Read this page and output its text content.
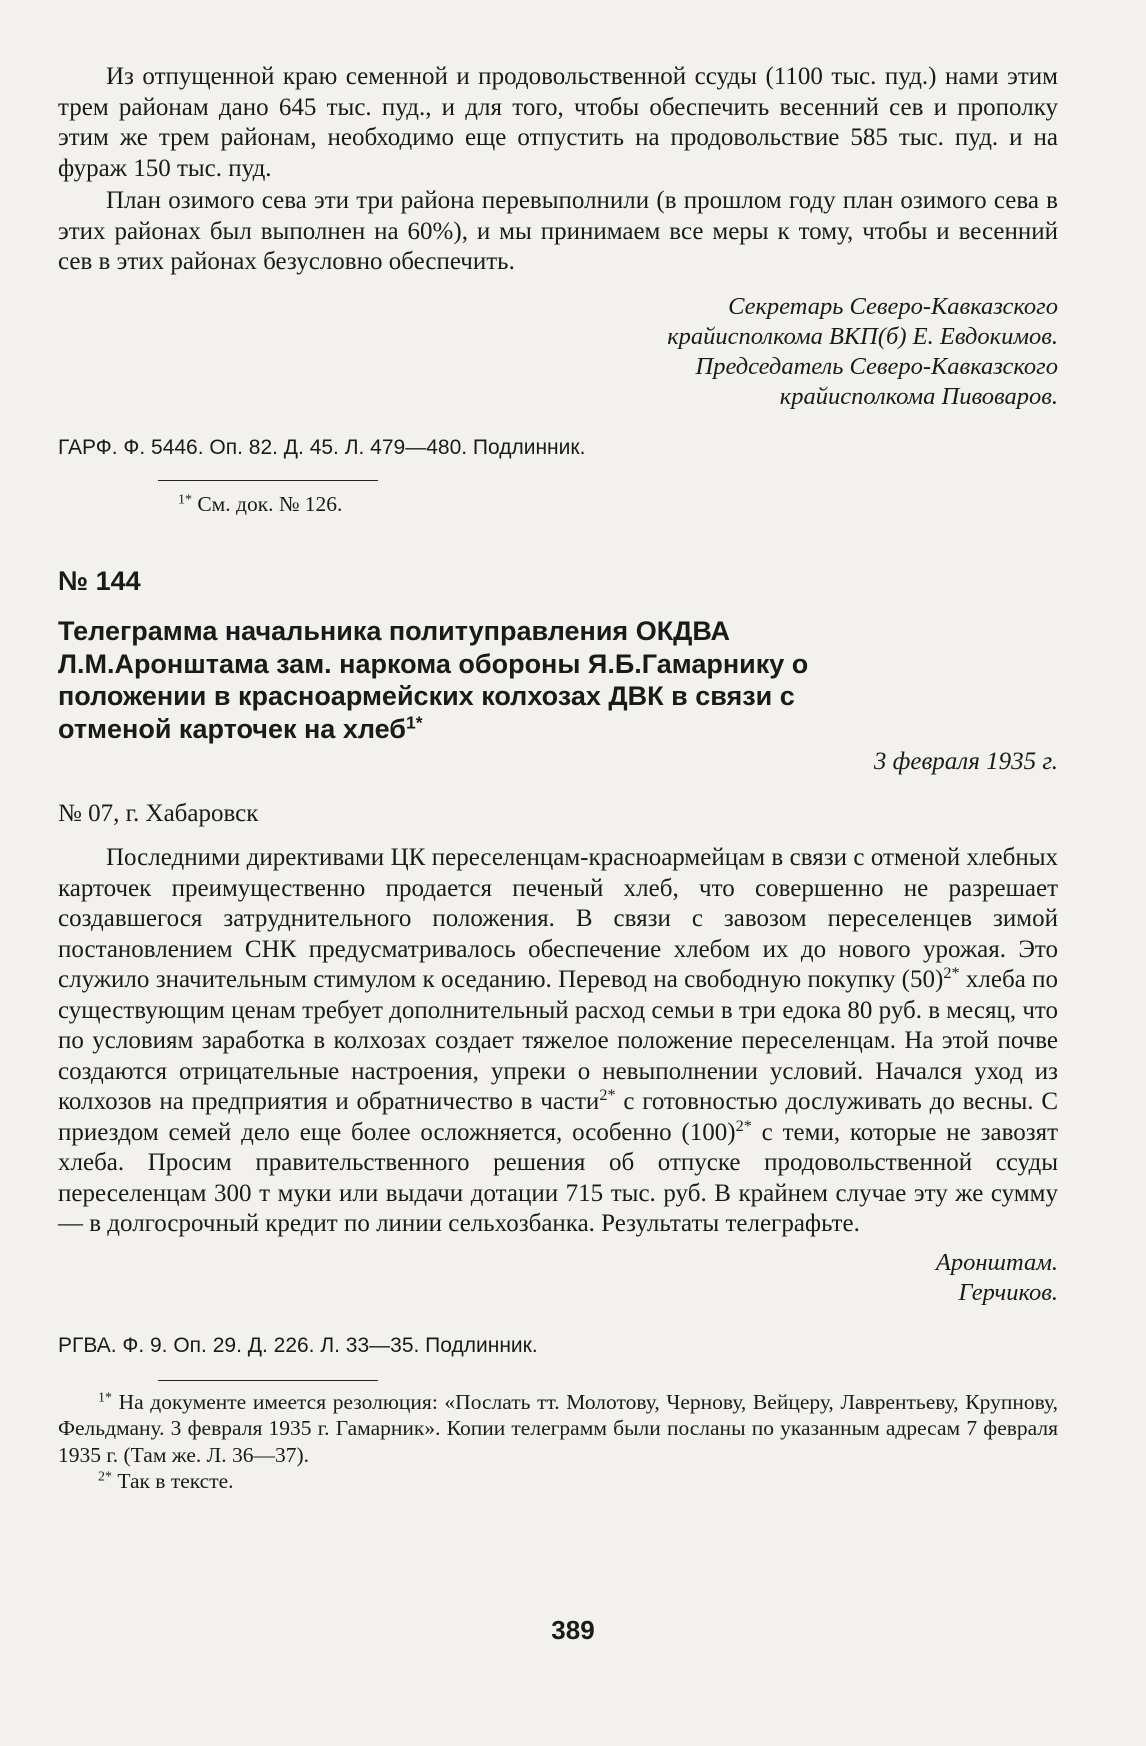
Из отпущенной краю семенной и продовольственной ссуды (1100 тыс. пуд.) нами этим трем районам дано 645 тыс. пуд., и для того, чтобы обеспечить весенний сев и прополку этим же трем районам, необходимо еще отпустить на продовольствие 585 тыс. пуд. и на фураж 150 тыс. пуд.

План озимого сева эти три района перевыполнили (в прошлом году план озимого сева в этих районах был выполнен на 60%), и мы принимаем все меры к тому, чтобы и весенний сев в этих районах безусловно обеспечить.

Секретарь Северо-Кавказского

крайисполкома ВКП(б) Е. Евдокимов.

Председатель Северо-Кавказского

крайисполкома Пивоваров.

ГАРФ. Ф. 5446. Оп. 82. Д. 45. Л. 479—480. Подлинник.

$^{1*}$ См. док. № 126.

№ 144

Телеграмма начальника политуправления ОКДВА Л.М.Аронштама зам. наркома обороны Я.Б.Гамарнику о положении в красноармейских колхозах ДВК в связи с отменой карточек на хлеб$^{1*}$

3 февраля 1935 г.

№ 07, г. Хабаровск

Последними директивами ЦК переселенцам-красноармейцам в связи с отменой хлебных карточек преимущественно продается печеный хлеб, что совершенно не разрешает создавшегося затруднительного положения. В связи с завозом переселенцев зимой постановлением СНК предусматривалось обеспечение хлебом их до нового урожая. Это служило значительным стимулом к оседанию. Перевод на свободную покупку $(50)^{2*}$ хлеба по существующим ценам требует дополнительный расход семьи в три едока 80 руб. в месяц, что по условиям заработка в колхозах создает тяжелое положение переселенцам. На этой почве создаются отрицательные настроения, упреки о невыполнении условий. Начался уход из колхозов на предприятия и обратничество в части$^{2*}$ с готовностью дослуживать до весны. С приездом семей дело еще более осложняется, особенно $(100)^{2*}$ с теми, которые не завозят хлеба. Просим правительственного решения об отпуске продовольственной ссуды переселенцам 300 т муки или выдачи дотации 715 тыс. руб. В крайнем случае эту же сумму — в долгосрочный кредит по линии сельхозбанка. Результаты телеграфьте.

Аронштам.

Герчиков.

РГВА. Ф. 9. Оп. 29. Д. 226. Л. 33—35. Подлинник.

$^{1*}$ На документе имеется резолюция: «Послать тт. Молотову, Чернову, Вейцеру, Лаврентьеву, Крупнову, Фельдману. 3 февраля 1935 г. Гамарник». Копии телеграмм были посланы по указанным адресам 7 февраля 1935 г. (Там же. Л. 36—37).

$^{2*}$ Так в тексте.

389
